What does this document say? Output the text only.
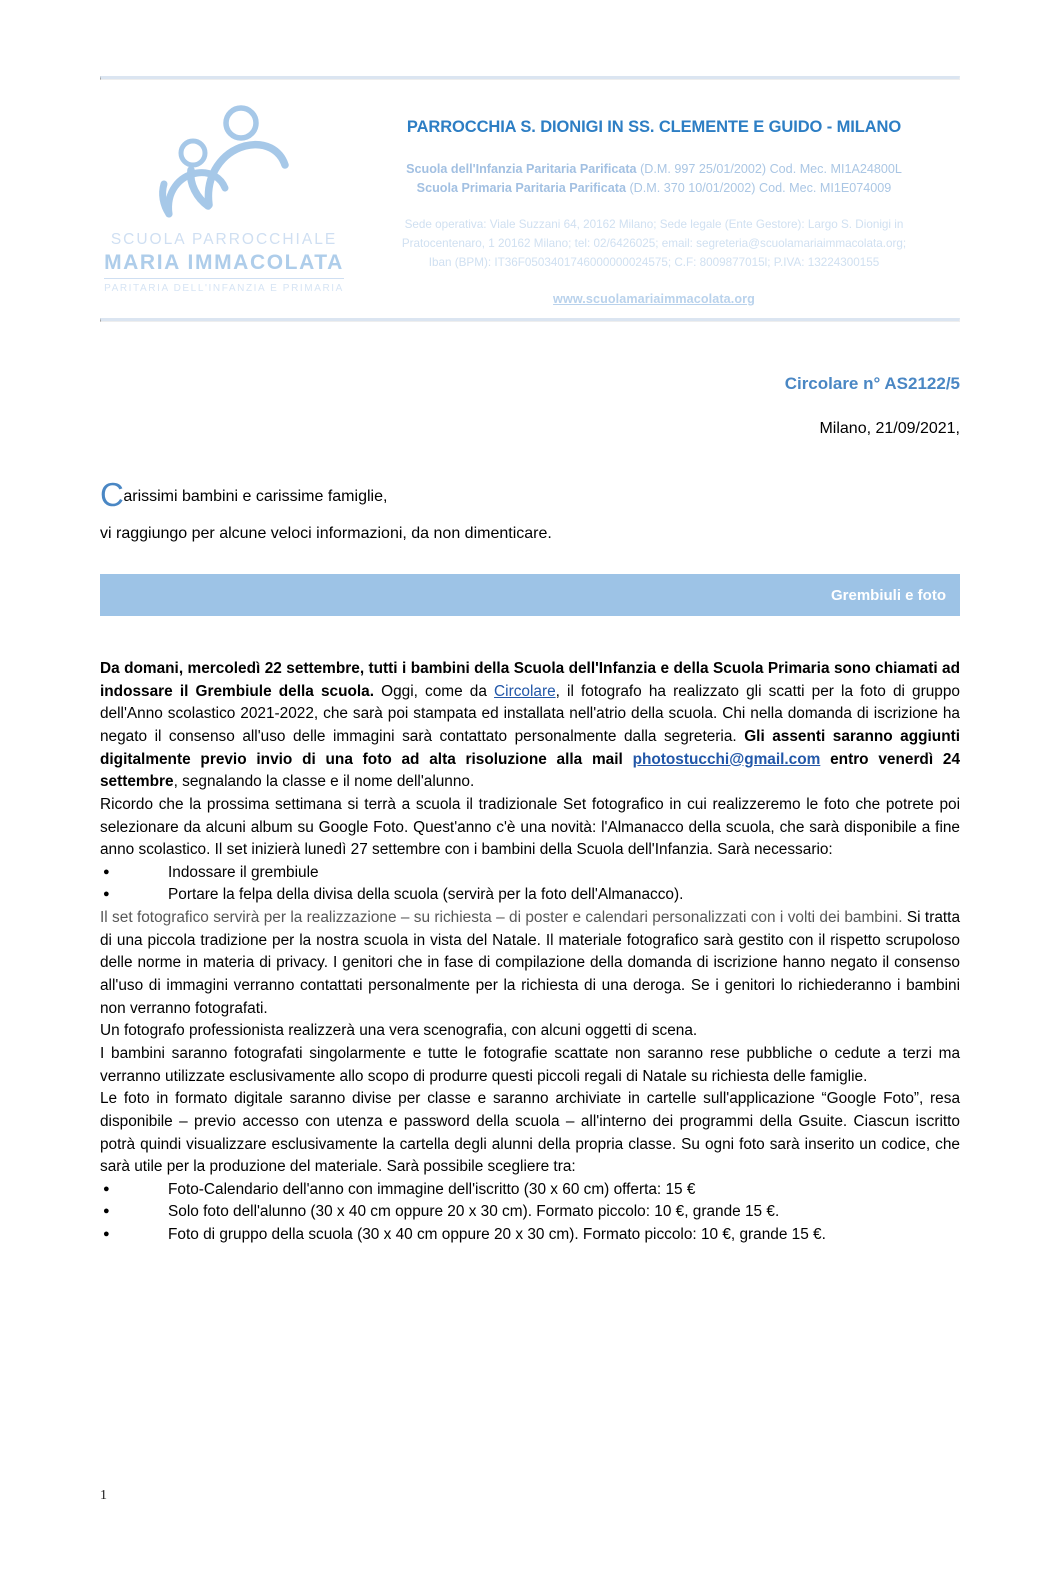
SCUOLA PARROCCHIALE
MARIA IMMACOLATA
PARITARIA DELL'INFANZIA E PRIMARIA
PARROCCHIA S. DIONIGI IN SS. CLEMENTE E GUIDO - MILANO
Scuola dell'Infanzia Paritaria Parificata (D.M. 997 25/01/2002) Cod. Mec. MI1A24800L
Scuola Primaria Paritaria Parificata (D.M. 370 10/01/2002) Cod. Mec. MI1E074009
Sede operativa: Viale Suzzani 64, 20162 Milano; Sede legale (Ente Gestore): Largo S. Dionigi in
Pratocentenaro, 1 20162 Milano; tel: 02/6426025; email: segreteria@scuolamariaimmacolata.org;
Iban (BPM): IT36F0503401746000000024575; C.F: 8009877015l; P.IVA: 13224300155
www.scuolamariaimmacolata.org
Circolare n° AS2122/5
Milano, 21/09/2021,
Carissimi bambini e carissime famiglie,
vi raggiungo per alcune veloci informazioni, da non dimenticare.
Grembiuli e foto

Da domani, mercoledì 22 settembre, tutti i bambini della Scuola dell'Infanzia e della Scuola Primaria sono chiamati ad indossare il Grembiule della scuola. Oggi, come da Circolare, il fotografo ha realizzato gli scatti per la foto di gruppo dell'Anno scolastico 2021-2022, che sarà poi stampata ed installata nell'atrio della scuola. Chi nella domanda di iscrizione ha negato il consenso all'uso delle immagini sarà contattato personalmente dalla segreteria. Gli assenti saranno aggiunti digitalmente previo invio di una foto ad alta risoluzione alla mail photostucchi@gmail.com entro venerdì 24 settembre, segnalando la classe e il nome dell'alunno.

Ricordo che la prossima settimana si terrà a scuola il tradizionale Set fotografico in cui realizzeremo le foto che potrete poi selezionare da alcuni album su Google Foto. Quest'anno c'è una novità: l'Almanacco della scuola, che sarà disponibile a fine anno scolastico. Il set inizierà lunedì 27 settembre con i bambini della Scuola dell'Infanzia. Sarà necessario:

● Indossare il grembiule
● Portare la felpa della divisa della scuola (servirà per la foto dell'Almanacco).

Il set fotografico servirà per la realizzazione – su richiesta – di poster e calendari personalizzati con i volti dei bambini. Si tratta di una piccola tradizione per la nostra scuola in vista del Natale. Il materiale fotografico sarà gestito con il rispetto scrupoloso delle norme in materia di privacy. I genitori che in fase di compilazione della domanda di iscrizione hanno negato il consenso all'uso di immagini verranno contattati personalmente per la richiesta di una deroga. Se i genitori lo richiederanno i bambini non verranno fotografati.

Un fotografo professionista realizzerà una vera scenografia, con alcuni oggetti di scena.

I bambini saranno fotografati singolarmente e tutte le fotografie scattate non saranno rese pubbliche o cedute a terzi ma verranno utilizzate esclusivamente allo scopo di produrre questi piccoli regali di Natale su richiesta delle famiglie.

Le foto in formato digitale saranno divise per classe e saranno archiviate in cartelle sull'applicazione “Google Foto”, resa disponibile – previo accesso con utenza e password della scuola – all'interno dei programmi della Gsuite. Ciascun iscritto potrà quindi visualizzare esclusivamente la cartella degli alunni della propria classe. Su ogni foto sarà inserito un codice, che sarà utile per la produzione del materiale. Sarà possibile scegliere tra:

● Foto-Calendario dell'anno con immagine dell'iscritto (30 x 60 cm) offerta: 15 €
● Solo foto dell'alunno (30 x 40 cm oppure 20 x 30 cm). Formato piccolo: 10 €, grande 15 €.
● Foto di gruppo della scuola (30 x 40 cm oppure 20 x 30 cm). Formato piccolo: 10 €, grande 15 €.
1
